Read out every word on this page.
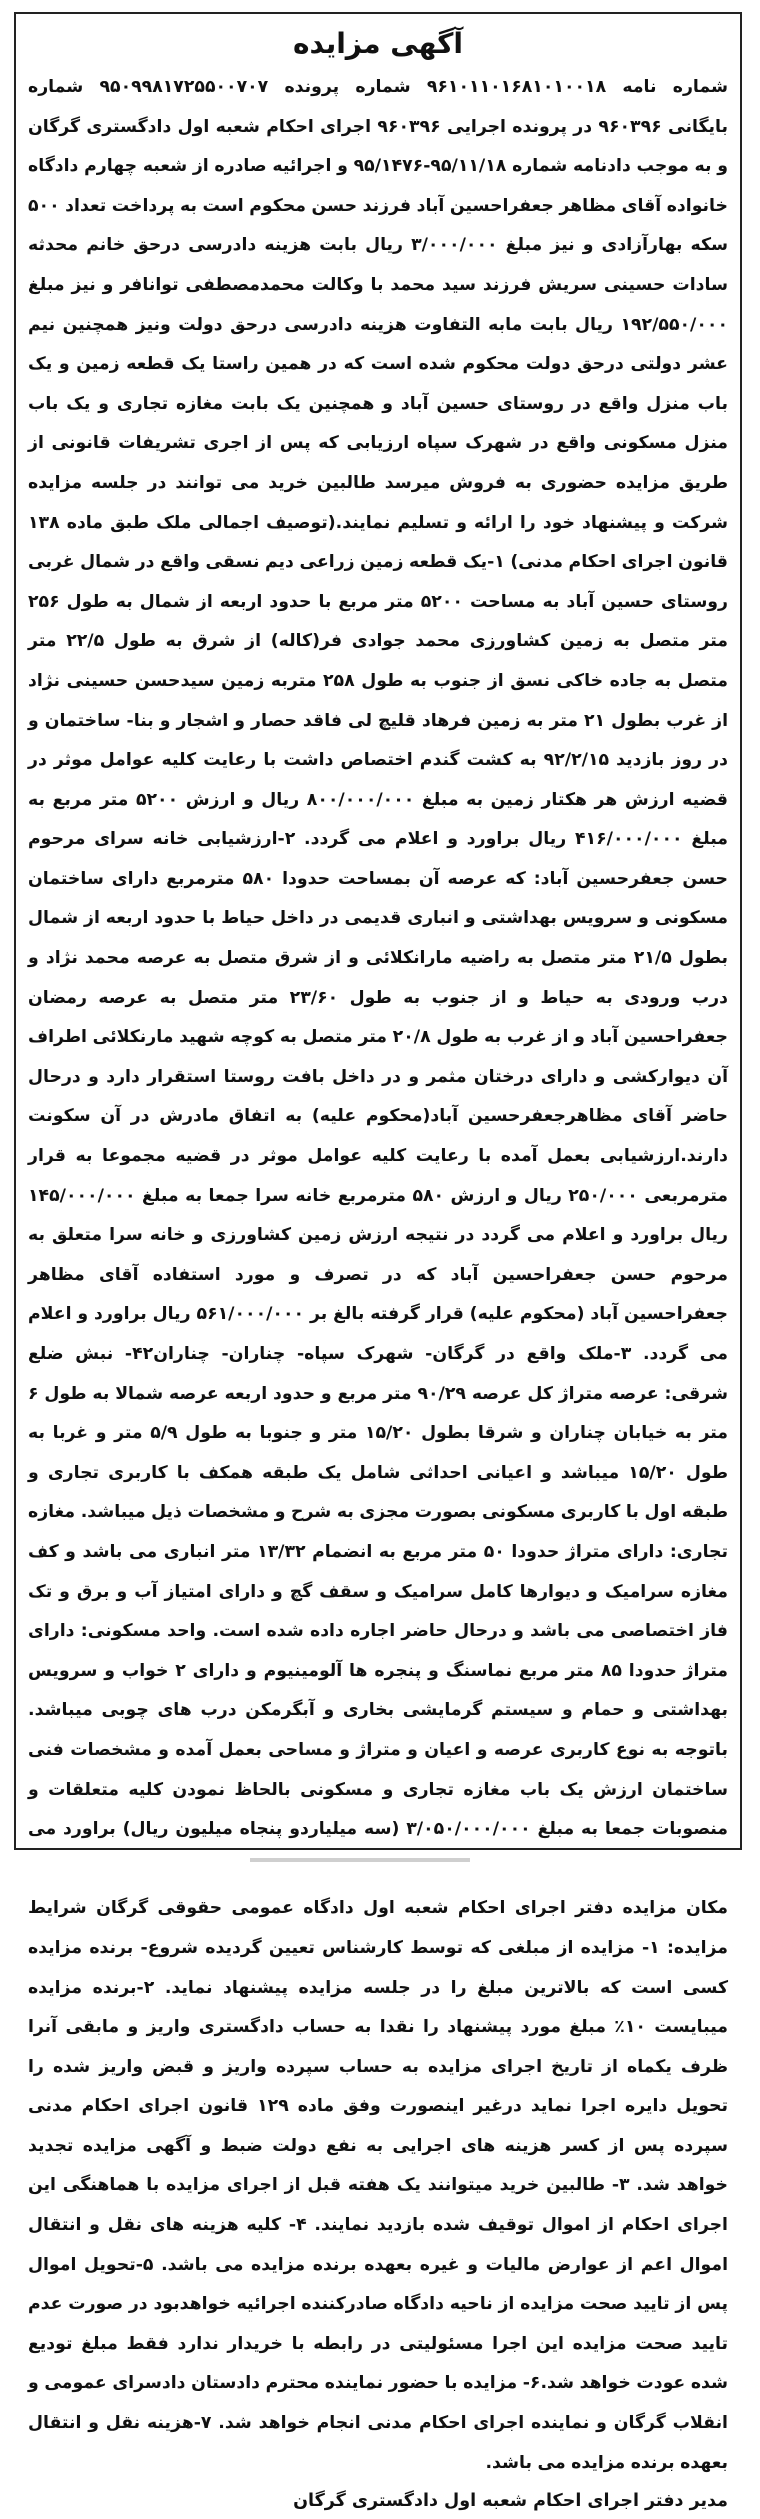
آگهی مزایده

شماره نامه ۹۶۱۰۱۱۰۱۶۸۱۰۱۰۰۱۸ شماره پرونده ۹۵۰۹۹۸۱۷۲۵۵۰۰۷۰۷ شماره بایگانی ۹۶۰۳۹۶ در پرونده اجرایی ۹۶۰۳۹۶ اجرای احکام شعبه اول دادگستری گرگان و به موجب دادنامه شماره ۹۵/۱۱/۱۸-۹۵/۱۴۷۶ و اجرائیه صادره از شعبه چهارم دادگاه خانواده آقای مظاهر جعفراحسین آباد فرزند حسن محکوم است به پرداخت تعداد ۵۰۰ سکه بهارآزادی و نیز مبلغ ۳/۰۰۰/۰۰۰ ریال بابت هزینه دادرسی درحق خانم محدثه سادات حسینی سریش فرزند سید محمد با وکالت محمدمصطفی توانافر و نیز مبلغ ۱۹۲/۵۵۰/۰۰۰ ریال بابت مابه التفاوت هزینه دادرسی درحق دولت ونیز همچنین نیم عشر دولتی درحق دولت محکوم شده است که در همین راستا یک قطعه زمین و یک باب منزل واقع در روستای حسین آباد و همچنین یک بابت مغازه تجاری و یک باب منزل مسکونی واقع در شهرک سپاه ارزیابی که پس از اجری تشریفات قانونی از طریق مزایده حضوری به فروش میرسد طالبین خرید می توانند در جلسه مزایده شرکت و پیشنهاد خود را ارائه و تسلیم نمایند.(توصیف اجمالی ملک طبق ماده ۱۳۸ قانون اجرای احکام مدنی) ۱-یک قطعه زمین زراعی دیم نسقی واقع در شمال غربی روستای حسین آباد به مساحت ۵۲۰۰ متر مربع با حدود اربعه از شمال به طول ۲۵۶ متر متصل به زمین کشاورزی محمد جوادی فر(کاله) از شرق به طول ۲۲/۵ متر متصل به جاده خاکی نسق از جنوب به طول ۲۵۸ متربه زمین سیدحسن حسینی نژاد از غرب بطول ۲۱ متر به زمین فرهاد قلیچ لی فاقد حصار و اشجار و بنا- ساختمان و در روز بازدید ۹۲/۲/۱۵ به کشت گندم اختصاص داشت با رعایت کلیه عوامل موثر در قضیه ارزش هر هکتار زمین به مبلغ ۸۰۰/۰۰۰/۰۰۰ ریال و ارزش ۵۲۰۰ متر مربع به مبلغ ۴۱۶/۰۰۰/۰۰۰ ریال براورد و اعلام می گردد. ۲-ارزشیابی خانه سرای مرحوم حسن جعفرحسین آباد: که عرصه آن بمساحت حدودا ۵۸۰ مترمربع دارای ساختمان مسکونی و سرویس بهداشتی و انباری قدیمی در داخل حیاط با حدود اربعه از شمال بطول ۲۱/۵ متر متصل به راضیه مارانکلائی و از شرق متصل به عرصه محمد نژاد و درب ورودی به حیاط و از جنوب به طول ۲۳/۶۰ متر متصل به عرصه رمضان جعفراحسین آباد و از غرب به طول ۲۰/۸ متر متصل به کوچه شهید مارنکلائی اطراف آن دیوارکشی و دارای درختان مثمر و در داخل بافت روستا استقرار دارد و درحال حاضر آقای مظاهرجعفرحسین آباد(محکوم علیه) به اتفاق مادرش در آن سکونت دارند.ارزشیابی بعمل آمده با رعایت کلیه عوامل موثر در قضیه مجموعا به قرار مترمربعی ۲۵۰/۰۰۰ ریال و ارزش ۵۸۰ مترمربع خانه سرا جمعا به مبلغ ۱۴۵/۰۰۰/۰۰۰ ریال براورد و اعلام می گردد در نتیجه ارزش زمین کشاورزی و خانه سرا متعلق به مرحوم حسن جعفراحسین آباد که در تصرف و مورد استفاده آقای مظاهر جعفراحسین آباد (محکوم علیه) قرار گرفته بالغ بر ۵۶۱/۰۰۰/۰۰۰ ریال براورد و اعلام می گردد. ۳-ملک واقع در گرگان- شهرک سپاه- چناران- چناران۴۲- نبش ضلع شرقی: عرصه متراژ کل عرصه ۹۰/۲۹ متر مربع و حدود اربعه عرصه شمالا به طول ۶ متر به خیابان چناران و شرقا بطول ۱۵/۲۰ متر و جنوبا به طول ۵/۹ متر و غربا به طول ۱۵/۲۰ میباشد و اعیانی احداثی شامل یک طبقه همکف با کاربری تجاری و طبقه اول با کاربری مسکونی بصورت مجزی به شرح و مشخصات ذیل میباشد. مغازه تجاری: دارای متراژ حدودا ۵۰ متر مربع به انضمام ۱۳/۳۲ متر انباری می باشد و کف مغازه سرامیک و دیوارها کامل سرامیک و سقف گچ و دارای امتیاز آب و برق و تک فاز اختصاصی می باشد و درحال حاضر اجاره داده شده است. واحد مسکونی: دارای متراژ حدودا ۸۵ متر مربع نماسنگ و پنجره ها آلومینیوم و دارای ۲ خواب و سرویس بهداشتی و حمام و سیستم گرمایشی بخاری و آبگرمکن درب های چوبی میباشد. باتوجه به نوع کاربری عرصه و اعیان و متراژ و مساحی بعمل آمده و مشخصات فنی ساختمان ارزش یک باب مغازه تجاری و مسکونی بالحاظ نمودن کلیه متعلقات و منصوبات جمعا به مبلغ ۳/۰۵۰/۰۰۰/۰۰۰ (سه میلیاردو پنجاه میلیون ریال) براورد می مکان مزایده دفتر اجرای احکام شعبه اول دادگاه عمومی حقوقی گرگان شرایط مزایده: ۱- مزایده از مبلغی که توسط کارشناس تعیین گردیده شروع- برنده مزایده کسی است که بالاترین مبلغ را در جلسه مزایده پیشنهاد نماید. ۲-برنده مزایده میبایست ۱۰٪ مبلغ مورد پیشنهاد را نقدا به حساب دادگستری واریز و مابقی آنرا ظرف یکماه از تاریخ اجرای مزایده به حساب سپرده واریز و قبض واریز شده را تحویل دایره اجرا نماید درغیر اینصورت وفق ماده ۱۲۹ قانون اجرای احکام مدنی سپرده پس از کسر هزینه های اجرایی به نفع دولت ضبط و آگهی مزایده تجدید خواهد شد. ۳- طالبین خرید میتوانند یک هفته قبل از اجرای مزایده با هماهنگی این اجرای احکام از اموال توقیف شده بازدید نمایند. ۴- کلیه هزینه های نقل و انتقال اموال اعم از عوارض مالیات و غیره بعهده برنده مزایده می باشد. ۵-تحویل اموال پس از تایید صحت مزایده از ناحیه دادگاه صادرکننده اجرائیه خواهدبود در صورت عدم تایید صحت مزایده این اجرا مسئولیتی در رابطه با خریدار ندارد فقط مبلغ تودیع شده عودت خواهد شد.۶- مزایده با حضور نماینده محترم دادستان دادسرای عمومی و انقلاب گرگان و نماینده اجرای احکام مدنی انجام خواهد شد. ۷-هزینه نقل و انتقال بعهده برنده مزایده می باشد.

مدیر دفتر اجرای احکام شعبه اول دادگستری گرگان
